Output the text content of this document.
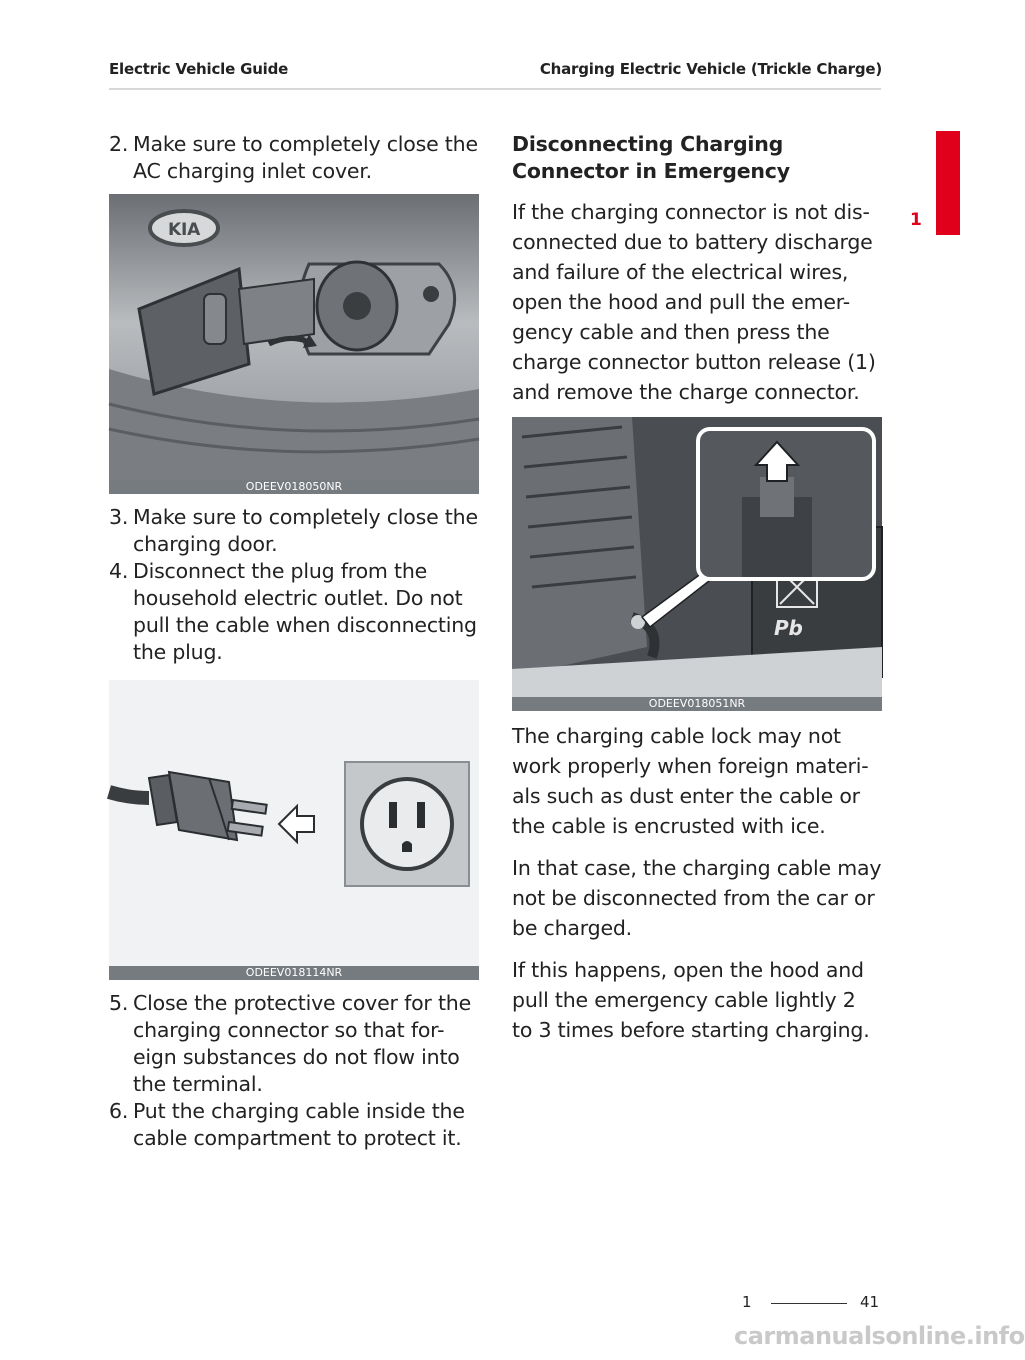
Electric Vehicle Guide	Charging Electric Vehicle (Trickle Charge)
1
2. Make sure to completely close the AC charging inlet cover.
KIA
ODEEV018050NR
3. Make sure to completely close the charging door.
4. Disconnect the plug from the household electric outlet. Do not pull the cable when disconnecting the plug.
ODEEV018114NR
5. Close the protective cover for the charging connector so that for-eign substances do not flow into the terminal.
6. Put the charging cable inside the cable compartment to protect it.
Disconnecting Charging Connector in Emergency
If the charging connector is not dis-connected due to battery discharge and failure of the electrical wires, open the hood and pull the emer-gency cable and then press the charge connector button release (1) and remove the charge connector.
Pb
ODEEV018051NR
The charging cable lock may not work properly when foreign materi-als such as dust enter the cable or the cable is encrusted with ice.
In that case, the charging cable may not be disconnected from the car or be charged.
If this happens, open the hood and pull the emergency cable lightly 2 to 3 times before starting charging.
1	41
carmanualsonline.info
